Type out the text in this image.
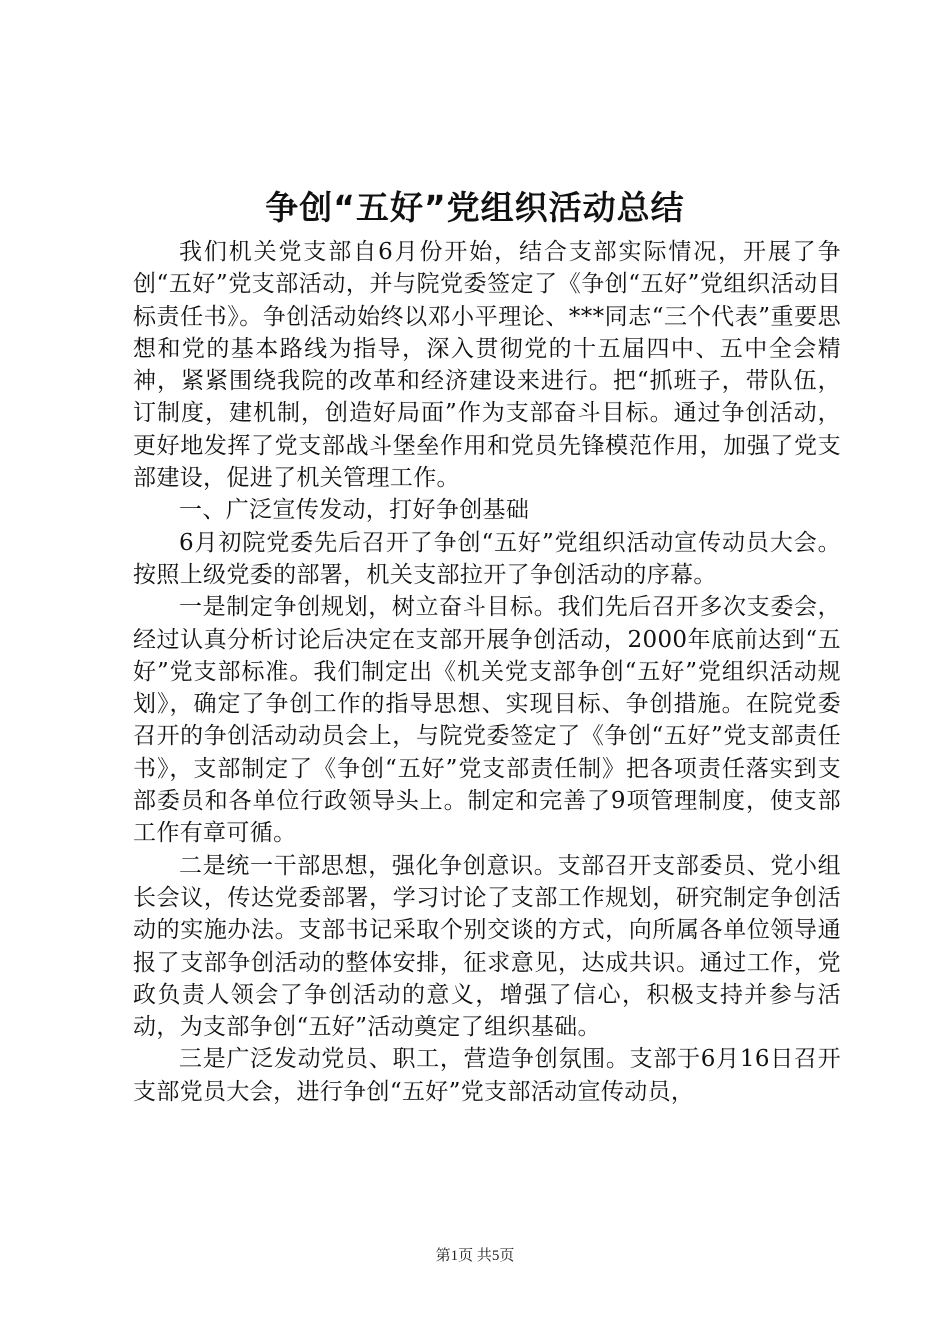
争创“五好”党组织活动总结

我们机关党支部自6月份开始，结合支部实际情况，开展了争创“五好”党支部活动，并与院党委签定了《争创“五好”党组织活动目标责任书》。争创活动始终以邓小平理论、***同志“三个代表”重要思想和党的基本路线为指导，深入贯彻党的十五届四中、五中全会精神，紧紧围绕我院的改革和经济建设来进行。把“抓班子，带队伍，订制度，建机制，创造好局面”作为支部奋斗目标。通过争创活动，更好地发挥了党支部战斗堡垒作用和党员先锋模范作用，加强了党支部建设，促进了机关管理工作。

一、广泛宣传发动，打好争创基础

6月初院党委先后召开了争创“五好”党组织活动宣传动员大会。按照上级党委的部署，机关支部拉开了争创活动的序幕。

一是制定争创规划，树立奋斗目标。我们先后召开多次支委会，经过认真分析讨论后决定在支部开展争创活动，2000年底前达到“五好”党支部标准。我们制定出《机关党支部争创“五好”党组织活动规划》，确定了争创工作的指导思想、实现目标、争创措施。在院党委召开的争创活动动员会上，与院党委签定了《争创“五好”党支部责任书》，支部制定了《争创“五好”党支部责任制》把各项责任落实到支部委员和各单位行政领导头上。制定和完善了9项管理制度，使支部工作有章可循。

二是统一干部思想，强化争创意识。支部召开支部委员、党小组长会议，传达党委部署，学习讨论了支部工作规划，研究制定争创活动的实施办法。支部书记采取个别交谈的方式，向所属各单位领导通报了支部争创活动的整体安排，征求意见，达成共识。通过工作，党政负责人领会了争创活动的意义，增强了信心，积极支持并参与活动，为支部争创“五好”活动奠定了组织基础。

三是广泛发动党员、职工，营造争创氛围。支部于6月16日召开支部党员大会，进行争创“五好”党支部活动宣传动员，

第1页 共5页
